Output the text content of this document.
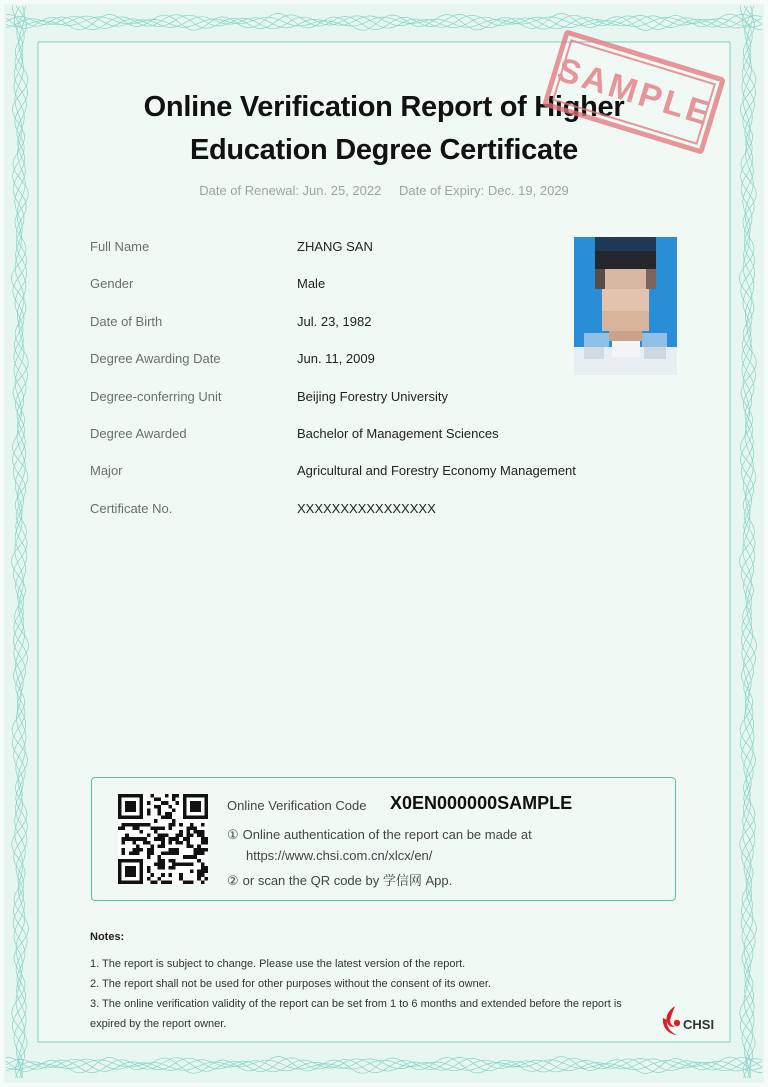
Online Verification Report of Higher
Education Degree Certificate
SAMPLE
Date of Renewal: Jun. 25, 2022 Date of Expiry: Dec. 19, 2029
Full Name	ZHANG SAN
Gender	Male
Date of Birth	Jul. 23, 1982
Degree Awarding Date	Jun. 11, 2009
Degree-conferring Unit	Beijing Forestry University
Degree Awarded	Bachelor of Management Sciences
Major	Agricultural and Forestry Economy Management
Certificate No.	XXXXXXXXXXXXXXXX
Online Verification Code X0EN000000SAMPLE
① Online authentication of the report can be made at
https://www.chsi.com.cn/xlcx/en/
② or scan the QR code by 学信网 App.
Notes:
1. The report is subject to change. Please use the latest version of the report.
2. The report shall not be used for other purposes without the consent of its owner.
3. The online verification validity of the report can be set from 1 to 6 months and extended before the report is
expired by the report owner.	CHSI
